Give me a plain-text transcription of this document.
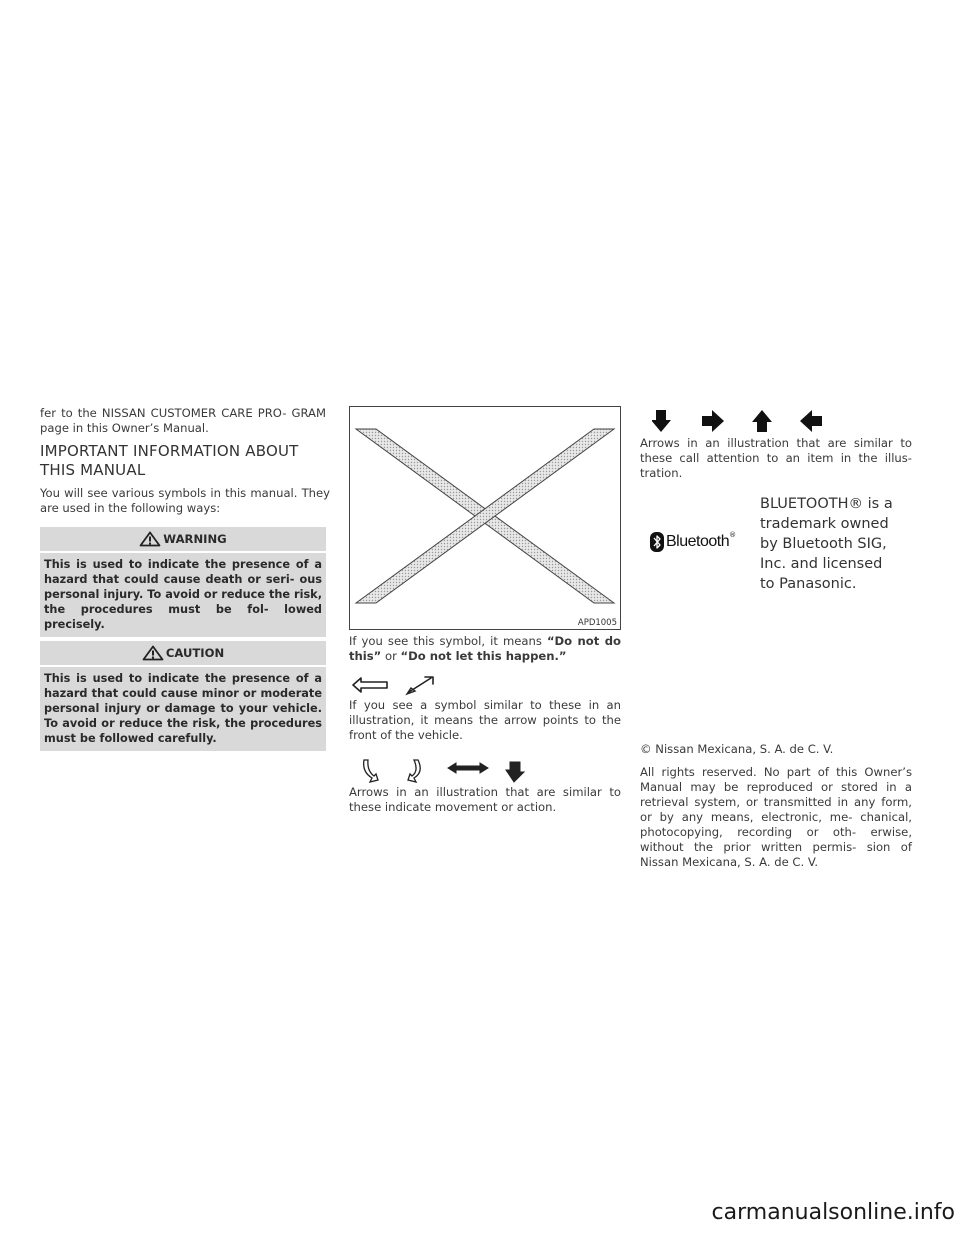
fer to the NISSAN CUSTOMER CARE PRO- GRAM page in this Owner’s Manual.

IMPORTANT INFORMATION ABOUT
THIS MANUAL

You will see various symbols in this manual. They are used in the following ways:

WARNING
This is used to indicate the presence of a hazard that could cause death or seri- ous personal injury. To avoid or reduce the risk, the procedures must be fol- lowed precisely.
CAUTION
This is used to indicate the presence of a hazard that could cause minor or moderate personal injury or damage to your vehicle. To avoid or reduce the risk, the procedures must be followed carefully.
APD1005

If you see this symbol, it means “Do not do this” or “Do not let this happen.”

If you see a symbol similar to these in an illustration, it means the arrow points to the front of the vehicle.

Arrows in an illustration that are similar to these indicate movement or action.

Arrows in an illustration that are similar to these call attention to an item in the illus- tration.

Bluetooth ®
BLUETOOTH® is a
trademark owned
by Bluetooth SIG,
Inc. and licensed
to Panasonic.

© Nissan Mexicana, S. A. de C. V.

All rights reserved. No part of this Owner’s Manual may be reproduced or stored in a retrieval system, or transmitted in any form, or by any means, electronic, me- chanical, photocopying, recording or oth- erwise, without the prior written permis- sion of Nissan Mexicana, S. A. de C. V.

carmanualsonline.info
